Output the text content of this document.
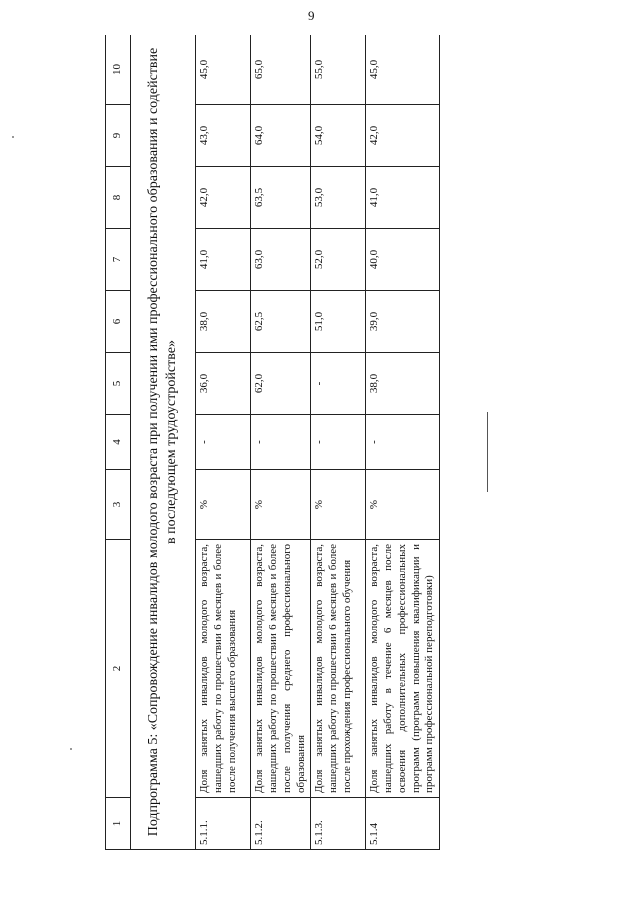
9
1	2	3	4	5	6	7	8	9	10
Подпрограмма 5: «Сопровождение инвалидов молодого возраста при получении ими профессионального образования и содействие в последующем трудоустройстве»									
5.1.1.	Доля занятых инвалидов молодого возраста, нашедших работу по прошествии 6 месяцев и более после получения высшего образования	%	-	36,0	38,0	41,0	42,0	43,0	45,0
5.1.2.	Доля занятых инвалидов молодого возраста, нашедших работу по прошествии 6 месяцев и более после получения среднего профессионального образования	%	-	62,0	62,5	63,0	63,5	64,0	65,0
5.1.3.	Доля занятых инвалидов молодого возраста, нашедших работу по прошествии 6 месяцев и более после прохождения профессионального обучения	%	-	-	51,0	52,0	53,0	54,0	55,0
5.1.4	Доля занятых инвалидов молодого возраста, нашедших работу в течение 6 месяцев после освоения дополнительных профессиональных программ (программ повышения квалификации и программ профессиональной переподготовки)	%	-	38,0	39,0	40,0	41,0	42,0	45,0
